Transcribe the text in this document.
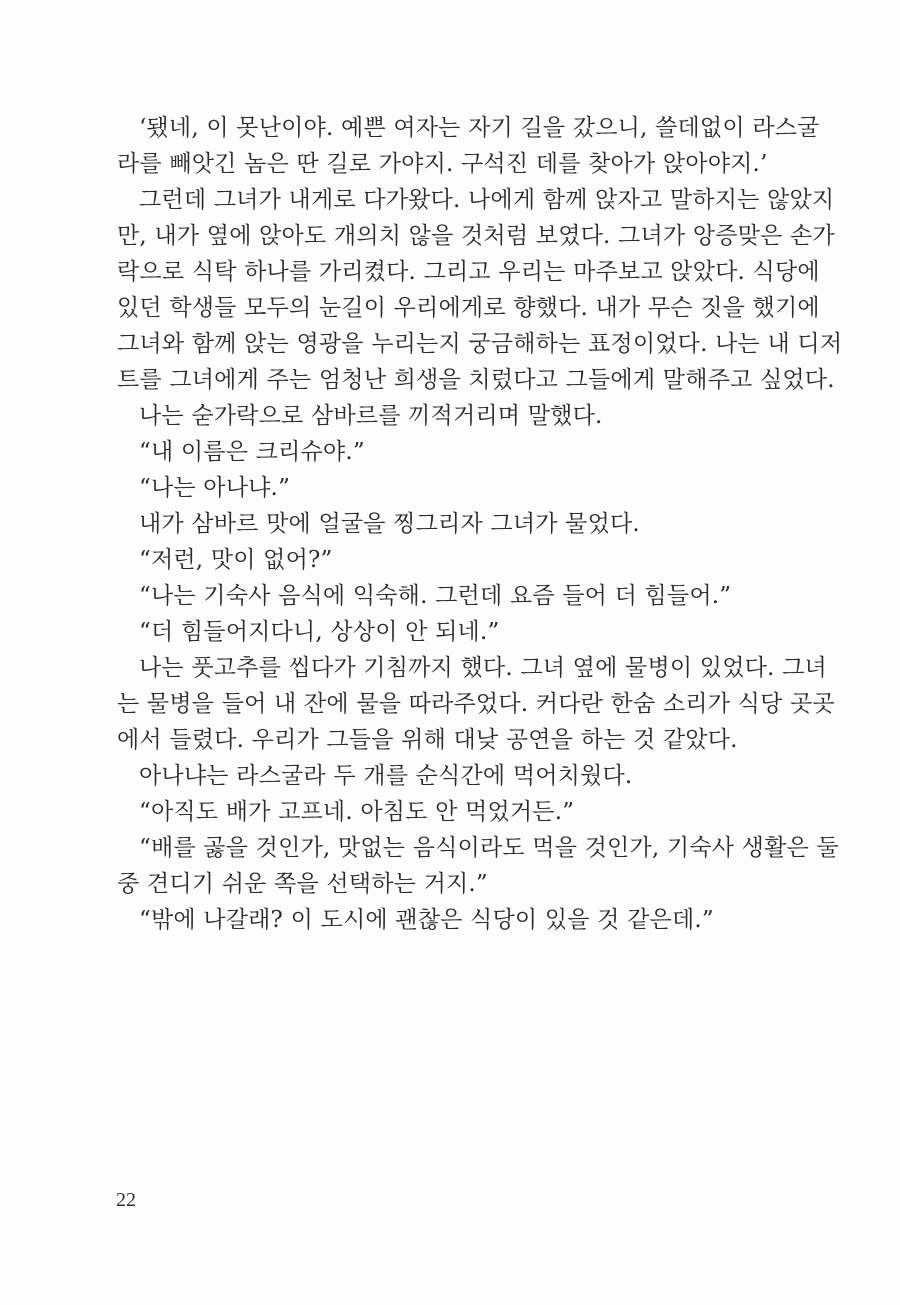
‘됐네, 이 못난이야. 예쁜 여자는 자기 길을 갔으니, 쓸데없이 라스굴
라를 빼앗긴 놈은 딴 길로 가야지. 구석진 데를 찾아가 앉아야지.’
그런데 그녀가 내게로 다가왔다. 나에게 함께 앉자고 말하지는 않았지
만, 내가 옆에 앉아도 개의치 않을 것처럼 보였다. 그녀가 앙증맞은 손가
락으로 식탁 하나를 가리켰다. 그리고 우리는 마주보고 앉았다. 식당에
있던 학생들 모두의 눈길이 우리에게로 향했다. 내가 무슨 짓을 했기에
그녀와 함께 앉는 영광을 누리는지 궁금해하는 표정이었다. 나는 내 디저
트를 그녀에게 주는 엄청난 희생을 치렀다고 그들에게 말해주고 싶었다.
나는 숟가락으로 삼바르를 끼적거리며 말했다.
“내 이름은 크리슈야.”
“나는 아나냐.”
내가 삼바르 맛에 얼굴을 찡그리자 그녀가 물었다.
“저런, 맛이 없어?”
“나는 기숙사 음식에 익숙해. 그런데 요즘 들어 더 힘들어.”
“더 힘들어지다니, 상상이 안 되네.”
나는 풋고추를 씹다가 기침까지 했다. 그녀 옆에 물병이 있었다. 그녀
는 물병을 들어 내 잔에 물을 따라주었다. 커다란 한숨 소리가 식당 곳곳
에서 들렸다. 우리가 그들을 위해 대낮 공연을 하는 것 같았다.
아나냐는 라스굴라 두 개를 순식간에 먹어치웠다.
“아직도 배가 고프네. 아침도 안 먹었거든.”
“배를 곯을 것인가, 맛없는 음식이라도 먹을 것인가, 기숙사 생활은 둘
중 견디기 쉬운 쪽을 선택하는 거지.”
“밖에 나갈래? 이 도시에 괜찮은 식당이 있을 것 같은데.”
22
